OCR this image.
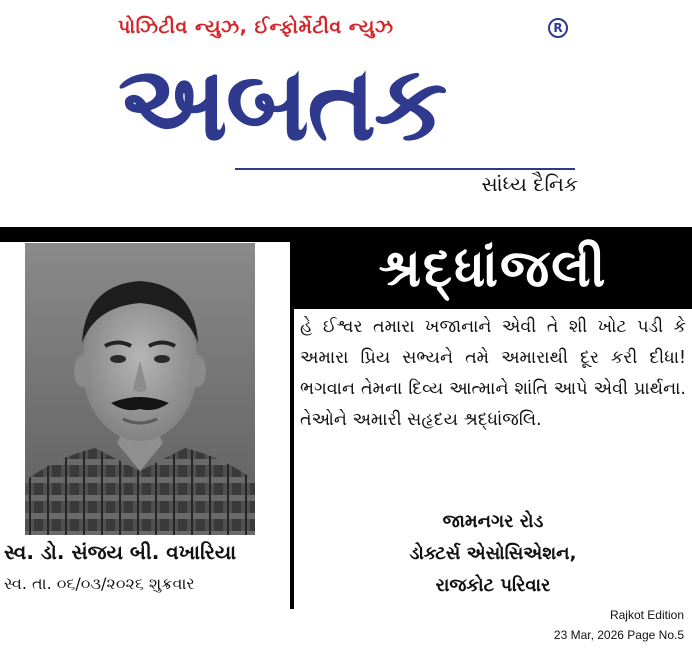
પોઝિટીવ ન્યુઝ, ઈન્ફોર્મેટીવ ન્યુઝ	R
અબતક
સાંધ્ય દૈનિક
સ્વ. ડો. સંજય બી. વખારિયા
સ્વ. તા. ૦૬/૦૩/૨૦૨૬ શુક્રવાર
શ્રદ્ધાંજલી
હે ઈશ્વર તમારા ખજાનાને એવી તે શી ખોટ પડી કે અમારા પ્રિય સભ્યને તમે અમારાથી દૂર કરી દીધા! ભગવાન તેમના દિવ્ય આત્માને શાંતિ આપે એવી પ્રાર્થના. તેઓને અમારી સહૃદય શ્રદ્ધાંજલિ.
જામનગર રોડ
ડોક્ટર્સ એસોસિએશન,
રાજકોટ પરિવાર
Rajkot Edition
23 Mar, 2026 Page No.5
